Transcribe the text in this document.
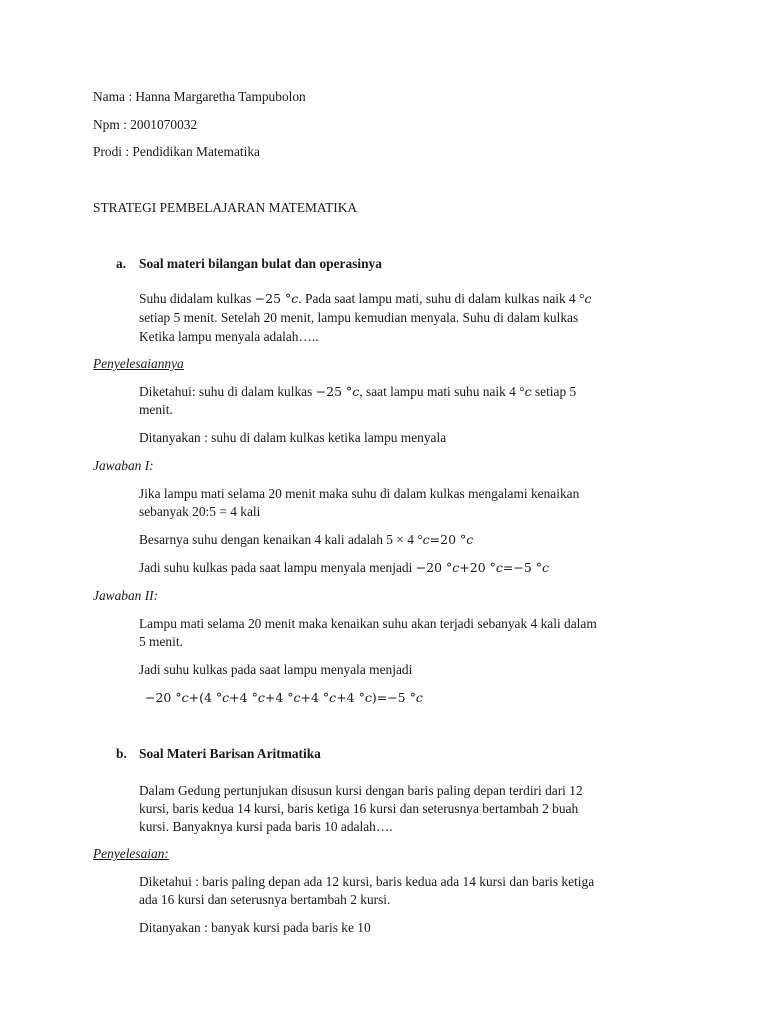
Nama : Hanna Margaretha Tampubolon
Npm : 2001070032
Prodi : Pendidikan Matematika
STRATEGI PEMBELAJARAN MATEMATIKA
a. Soal materi bilangan bulat dan operasinya
Suhu didalam kulkas −25 °c. Pada saat lampu mati, suhu di dalam kulkas naik 4 °c
setiap 5 menit. Setelah 20 menit, lampu kemudian menyala. Suhu di dalam kulkas
Ketika lampu menyala adalah…..
Penyelesaiannya
Diketahui: suhu di dalam kulkas −25 °c, saat lampu mati suhu naik 4 °c setiap 5
menit.
Ditanyakan : suhu di dalam kulkas ketika lampu menyala
Jawaban I:
Jika lampu mati selama 20 menit maka suhu di dalam kulkas mengalami kenaikan
sebanyak 20:5 = 4 kali
Besarnya suhu dengan kenaikan 4 kali adalah 5 × 4 °c=20 °c
Jadi suhu kulkas pada saat lampu menyala menjadi −20 °c+20 °c=−5 °c
Jawaban II:
Lampu mati selama 20 menit maka kenaikan suhu akan terjadi sebanyak 4 kali dalam
5 menit.
Jadi suhu kulkas pada saat lampu menyala menjadi
−20 °c+(4 °c+4 °c+4 °c+4 °c+4 °c)=−5 °c
b. Soal Materi Barisan Aritmatika
Dalam Gedung pertunjukan disusun kursi dengan baris paling depan terdiri dari 12
kursi, baris kedua 14 kursi, baris ketiga 16 kursi dan seterusnya bertambah 2 buah
kursi. Banyaknya kursi pada baris 10 adalah….
Penyelesaian:
Diketahui : baris paling depan ada 12 kursi, baris kedua ada 14 kursi dan baris ketiga
ada 16 kursi dan seterusnya bertambah 2 kursi.
Ditanyakan : banyak kursi pada baris ke 10
